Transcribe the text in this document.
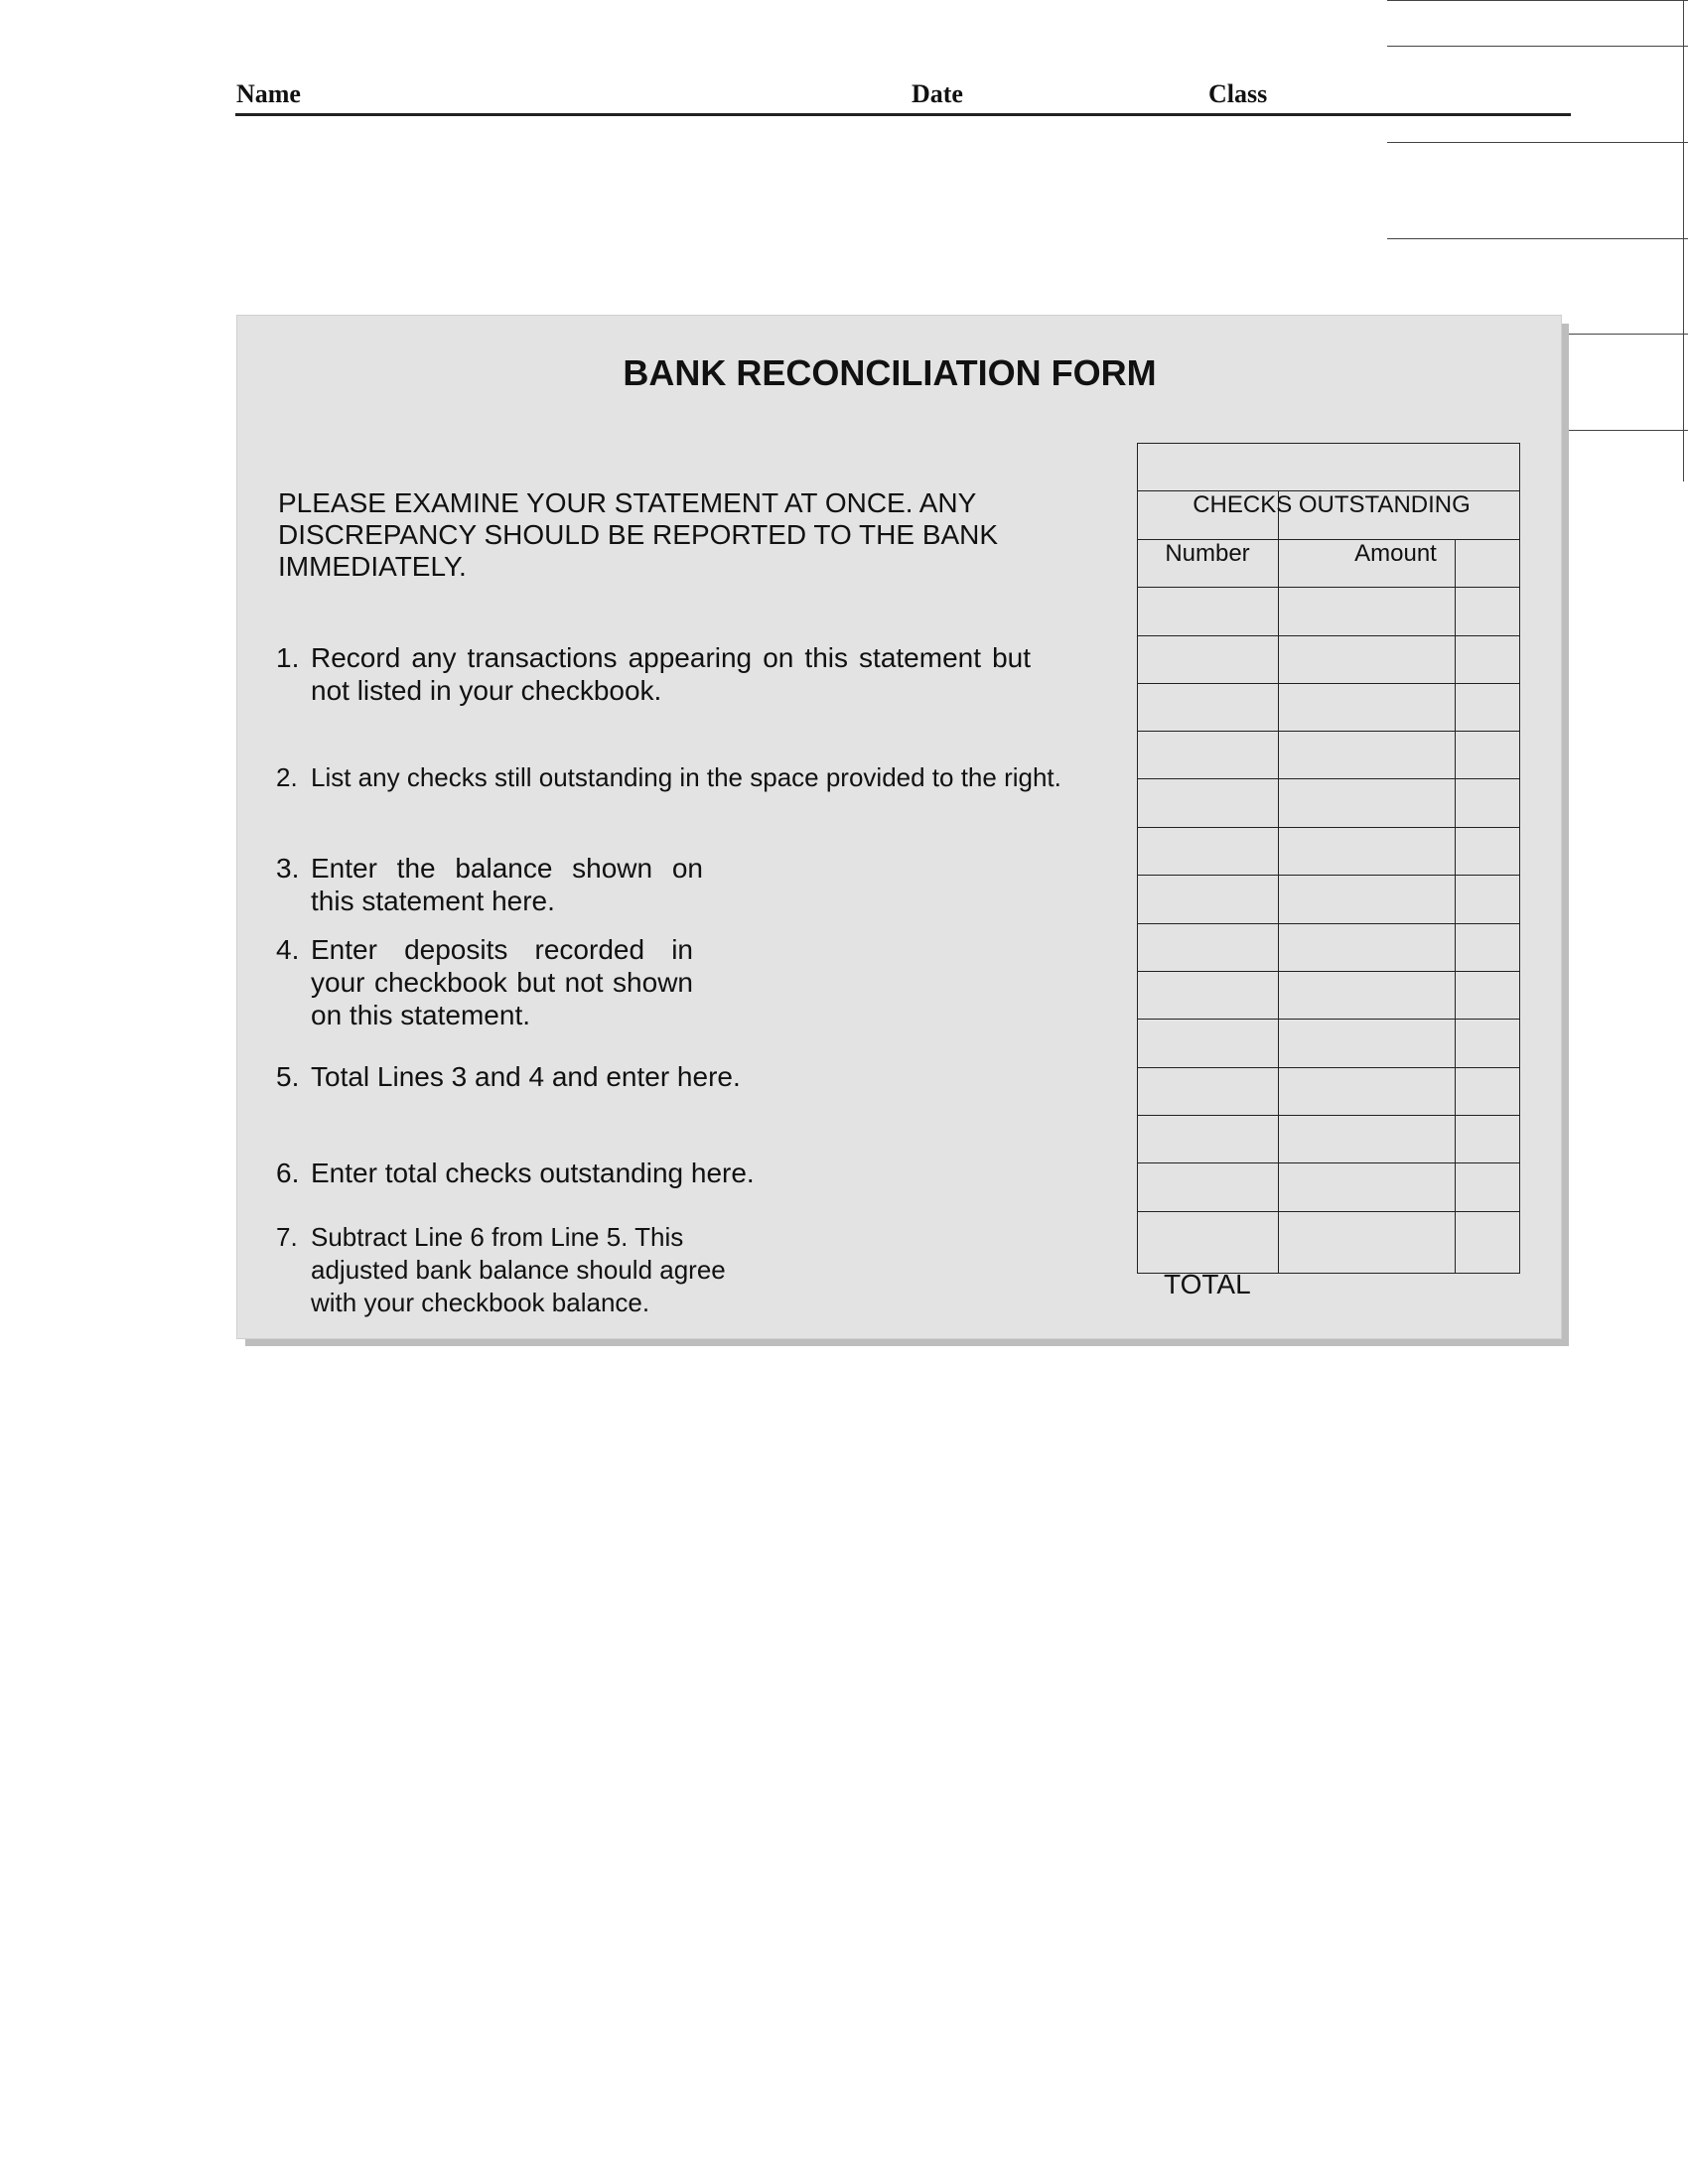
Name	Date	Class
BANK RECONCILIATION FORM
PLEASE EXAMINE YOUR STATEMENT AT ONCE. ANY DISCREPANCY SHOULD BE REPORTED TO THE BANK IMMEDIATELY.
1. Record any transactions appearing on this statement but
not listed in your checkbook.
2. List any checks still outstanding in the space provided to the right.
3. Enter the balance shown on
this statement here.
4. Enter deposits recorded in
your checkbook but not shown
on this statement.
5. Total Lines 3 and 4 and enter here.
6. Enter total checks outstanding here.
7. Subtract Line 6 from Line 5. This
adjusted bank balance should agree
with your checkbook balance.
CHECKS OUTSTANDING
Number	Amount
TOTAL
